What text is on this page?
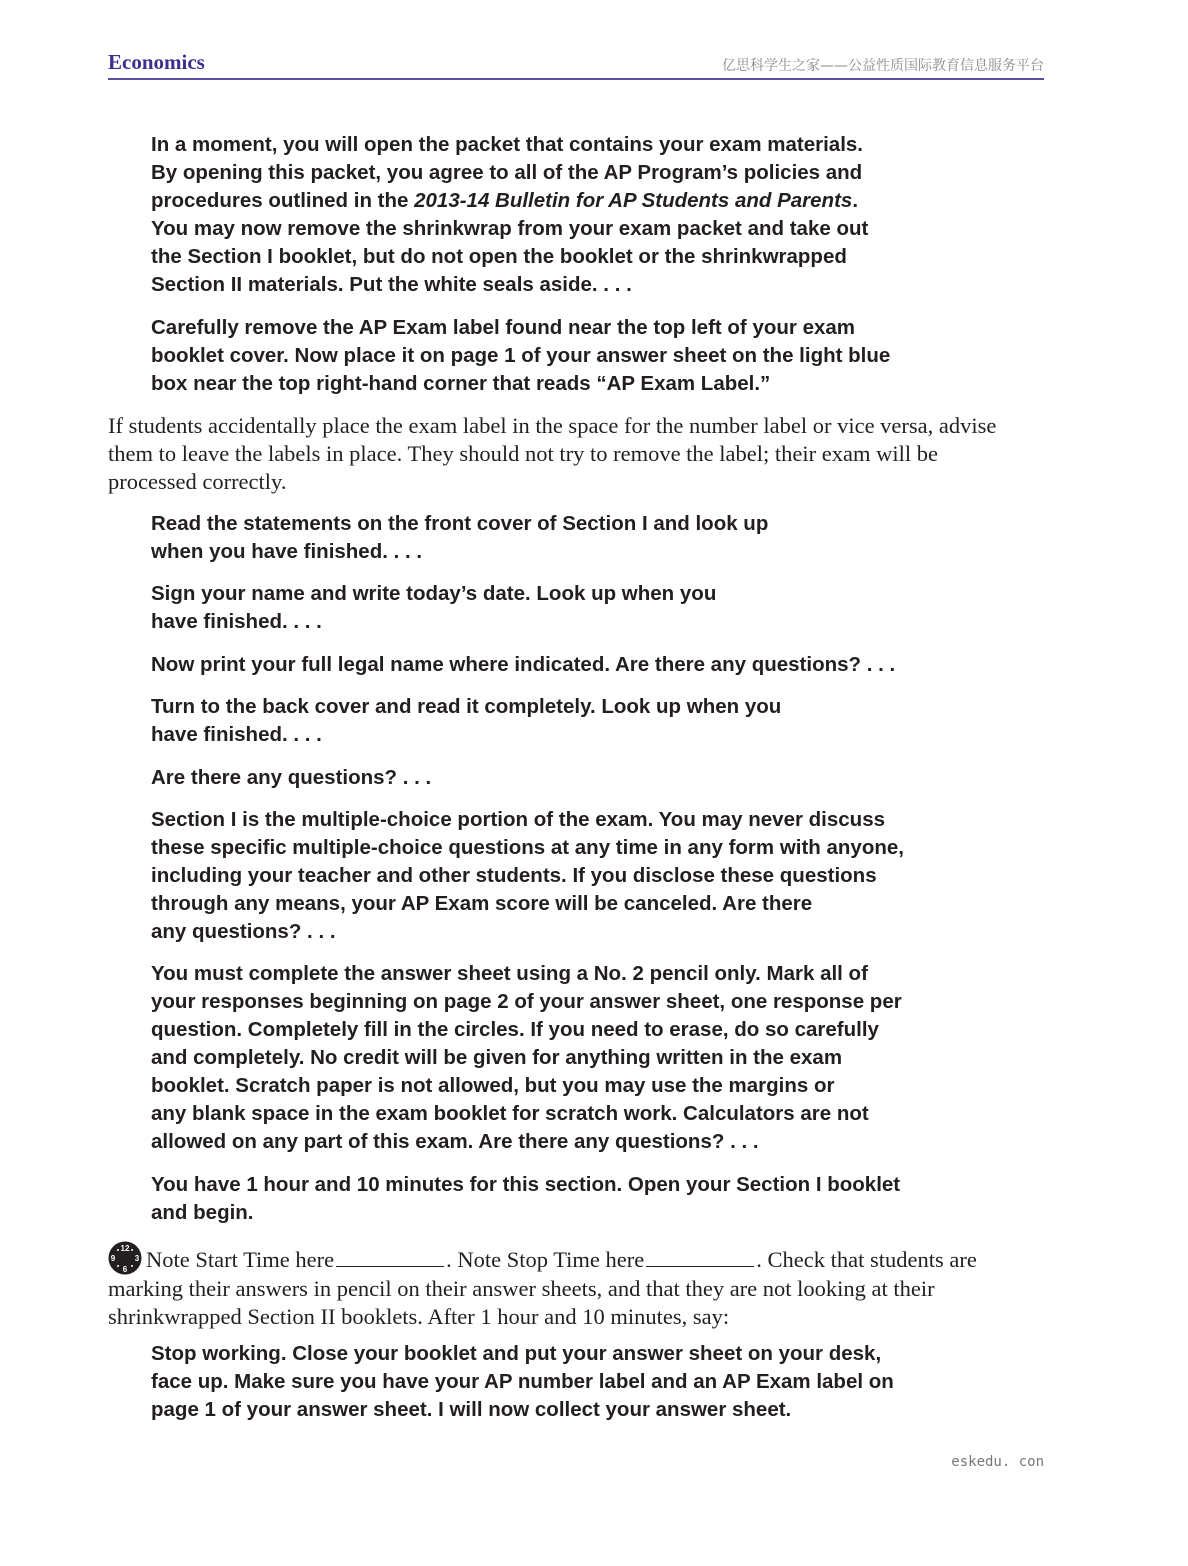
Economics	亿思科学生之家——公益性质国际教育信息服务平台
In a moment, you will open the packet that contains your exam materials.
By opening this packet, you agree to all of the AP Program’s policies and
procedures outlined in the 2013-14 Bulletin for AP Students and Parents.
You may now remove the shrinkwrap from your exam packet and take out
the Section I booklet, but do not open the booklet or the shrinkwrapped
Section II materials. Put the white seals aside. . . .
Carefully remove the AP Exam label found near the top left of your exam
booklet cover. Now place it on page 1 of your answer sheet on the light blue
box near the top right-hand corner that reads “AP Exam Label.”
If students accidentally place the exam label in the space for the number label or vice versa, advise
them to leave the labels in place. They should not try to remove the label; their exam will be
processed correctly.
Read the statements on the front cover of Section I and look up
when you have finished. . . .
Sign your name and write today’s date. Look up when you
have finished. . . .
Now print your full legal name where indicated. Are there any questions? . . .
Turn to the back cover and read it completely. Look up when you
have finished. . . .
Are there any questions? . . .
Section I is the multiple-choice portion of the exam. You may never discuss
these specific multiple-choice questions at any time in any form with anyone,
including your teacher and other students. If you disclose these questions
through any means, your AP Exam score will be canceled. Are there
any questions? . . .
You must complete the answer sheet using a No. 2 pencil only. Mark all of
your responses beginning on page 2 of your answer sheet, one response per
question. Completely fill in the circles. If you need to erase, do so carefully
and completely. No credit will be given for anything written in the exam
booklet. Scratch paper is not allowed, but you may use the margins or
any blank space in the exam booklet for scratch work. Calculators are not
allowed on any part of this exam. Are there any questions? . . .
You have 1 hour and 10 minutes for this section. Open your Section I booklet
and begin.
12
3
6
9 Note Start Time here	. Note Stop Time here	. Check that students are
marking their answers in pencil on their answer sheets, and that they are not looking at their
shrinkwrapped Section II booklets. After 1 hour and 10 minutes, say:
Stop working. Close your booklet and put your answer sheet on your desk,
face up. Make sure you have your AP number label and an AP Exam label on
page 1 of your answer sheet. I will now collect your answer sheet.
eskedu. con
